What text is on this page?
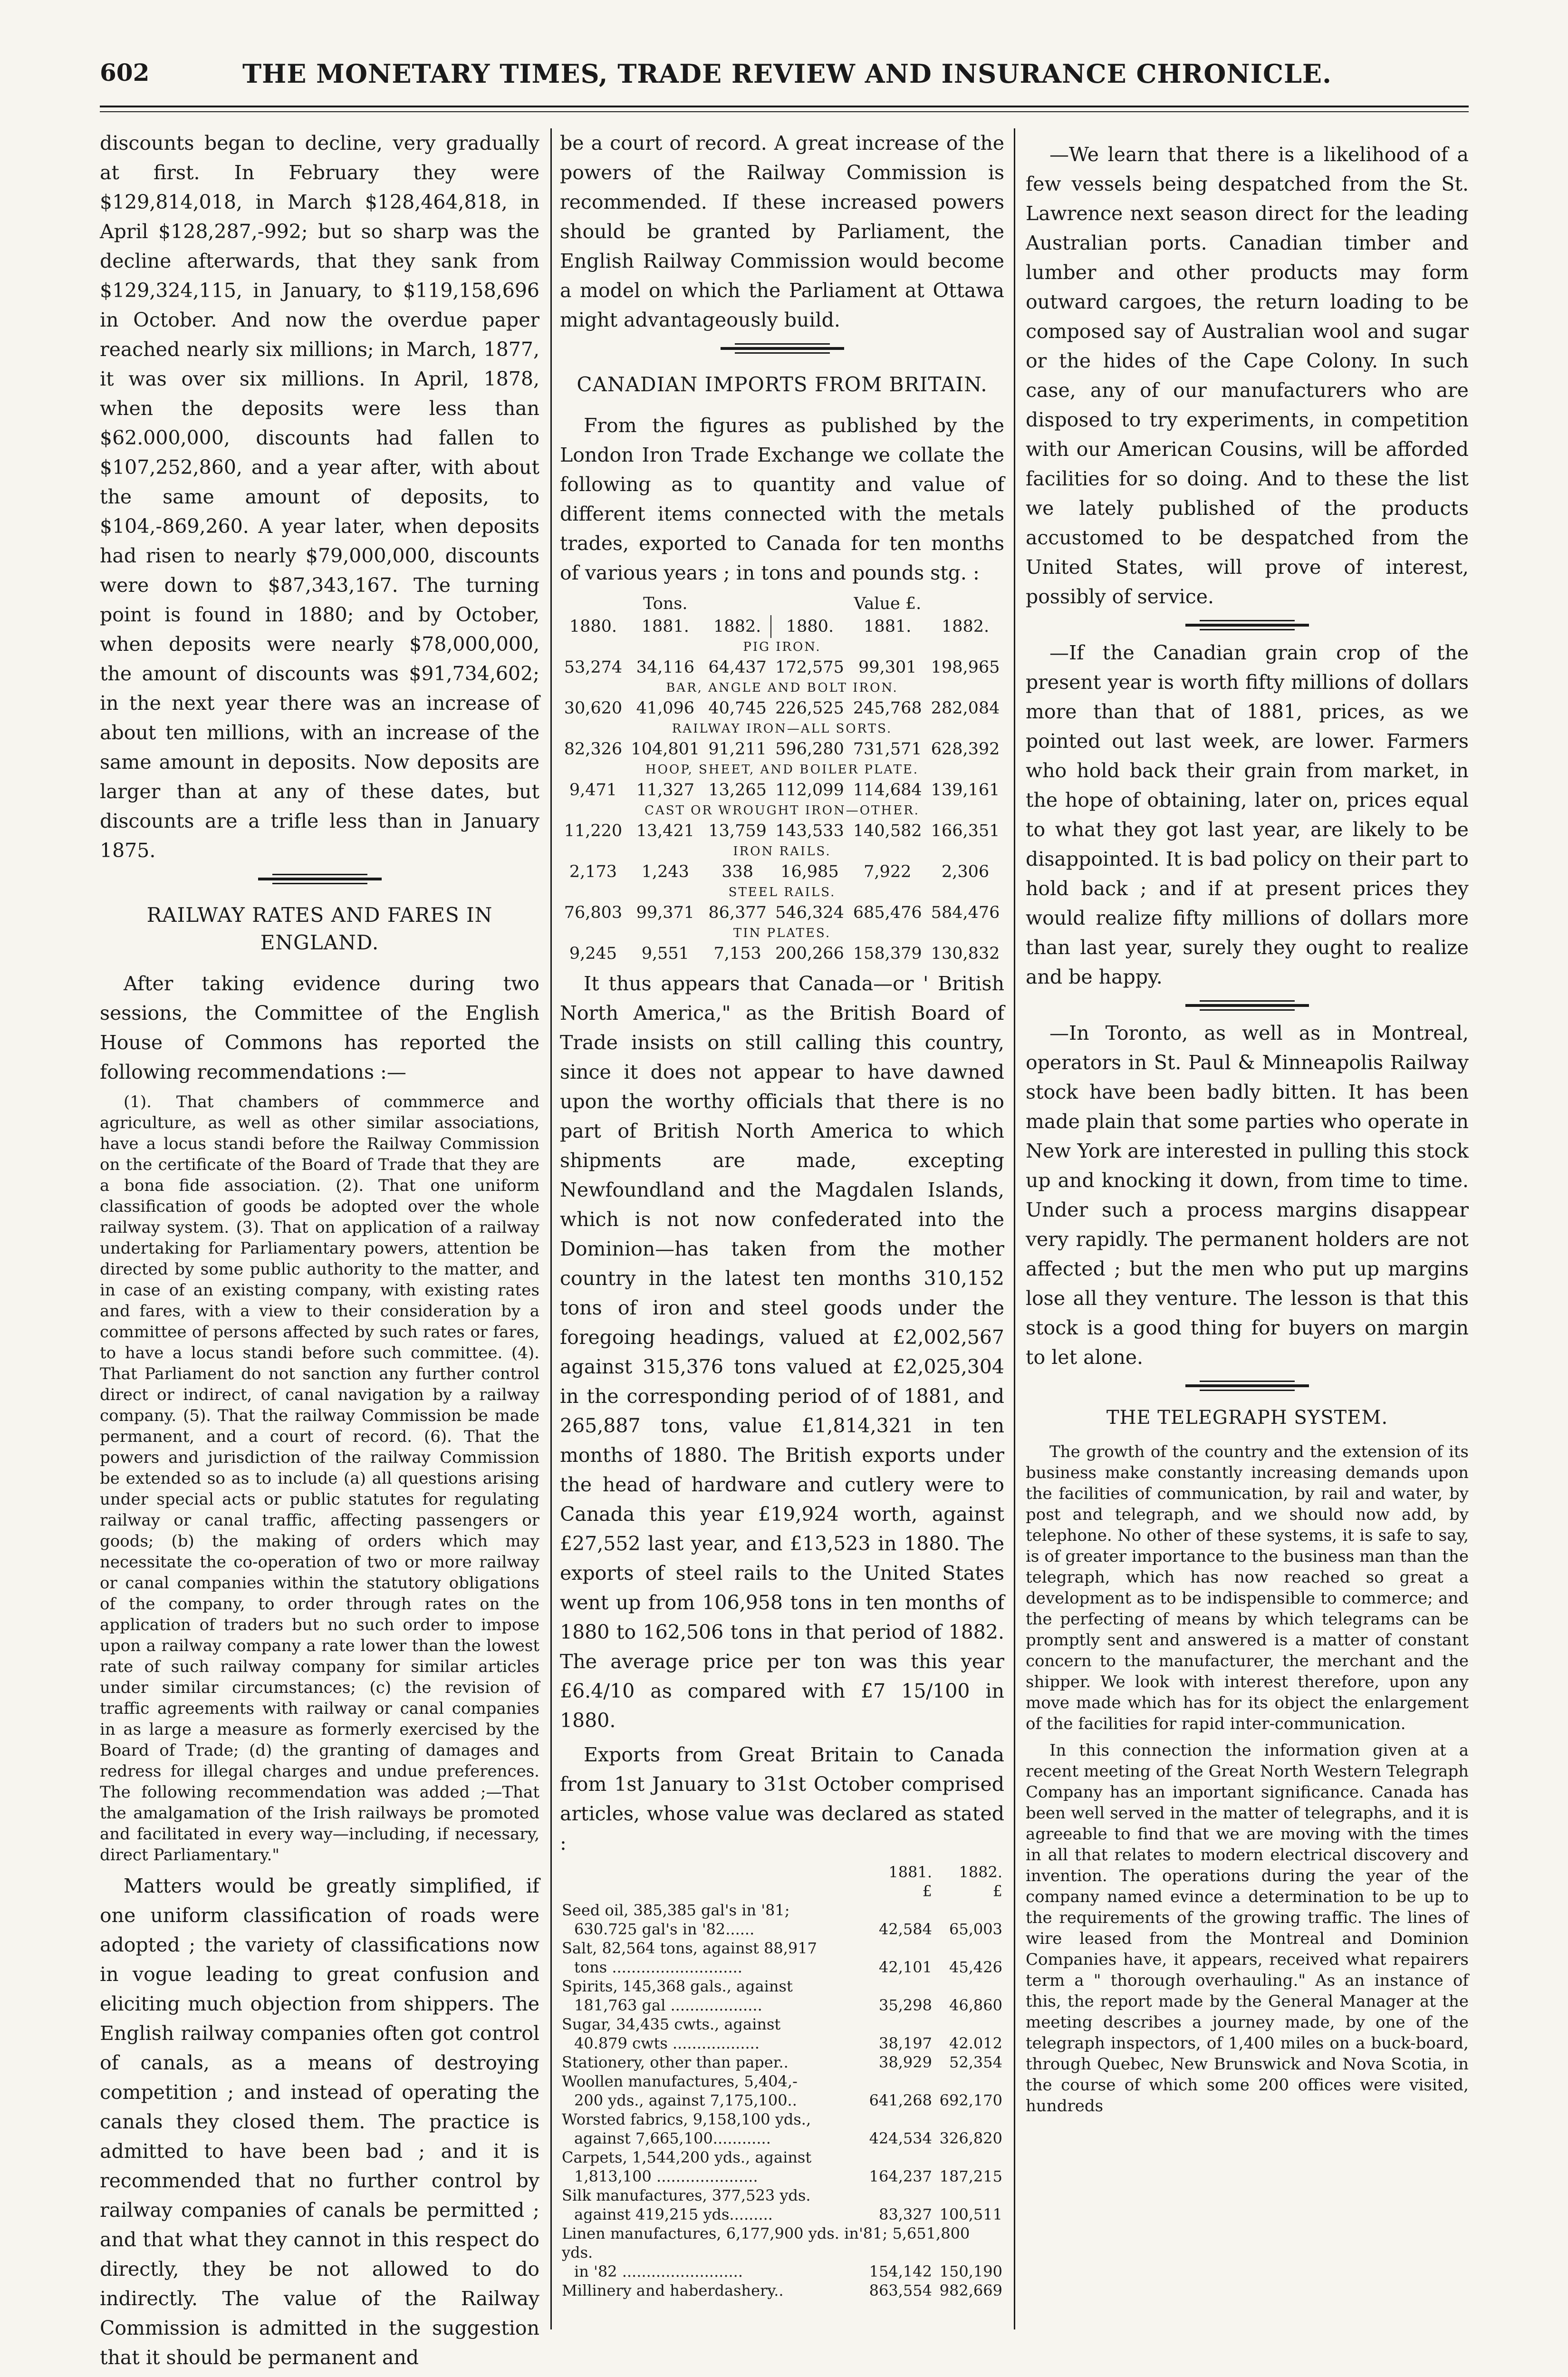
602	THE MONETARY TIMES, TRADE REVIEW AND INSURANCE CHRONICLE.

discounts began to decline, very gradually at first. In February they were $129,814,018, in March $128,464,818, in April $128,287,-992; but so sharp was the decline afterwards, that they sank from $129,324,115, in January, to $119,158,696 in October. And now the overdue paper reached nearly six millions; in March, 1877, it was over six millions. In April, 1878, when the deposits were less than $62.000,000, discounts had fallen to $107,252,860, and a year after, with about the same amount of deposits, to $104,-869,260. A year later, when deposits had risen to nearly $79,000,000, discounts were down to $87,343,167. The turning point is found in 1880; and by October, when deposits were nearly $78,000,000, the amount of discounts was $91,734,602; in the next year there was an increase of about ten millions, with an increase of the same amount in deposits. Now deposits are larger than at any of these dates, but discounts are a trifle less than in January 1875.

RAILWAY RATES AND FARES IN ENGLAND.

After taking evidence during two sessions, the Committee of the English House of Commons has reported the following recommendations :—

(1). That chambers of commmerce and agriculture, as well as other similar associations, have a locus standi before the Railway Commission on the certificate of the Board of Trade that they are a bona fide association. (2). That one uniform classification of goods be adopted over the whole railway system. (3). That on application of a railway undertaking for Parliamentary powers, attention be directed by some public authority to the matter, and in case of an existing company, with existing rates and fares, with a view to their consideration by a committee of persons affected by such rates or fares, to have a locus standi before such committee. (4). That Parliament do not sanction any further control direct or indirect, of canal navigation by a railway company. (5). That the railway Commission be made permanent, and a court of record. (6). That the powers and jurisdiction of the railway Commission be extended so as to include (a) all questions arising under special acts or public statutes for regulating railway or canal traffic, affecting passengers or goods; (b) the making of orders which may necessitate the co-operation of two or more railway or canal companies within the statutory obligations of the company, to order through rates on the application of traders but no such order to impose upon a railway company a rate lower than the lowest rate of such railway company for similar articles under similar circumstances; (c) the revision of traffic agreements with railway or canal companies in as large a measure as formerly exercised by the Board of Trade; (d) the granting of damages and redress for illegal charges and undue preferences. The following recommendation was added ;—That the amalgamation of the Irish railways be promoted and facilitated in every way—including, if necessary, direct Parliamentary."

Matters would be greatly simplified, if one uniform classification of roads were adopted ; the variety of classifications now in vogue leading to great confusion and eliciting much objection from shippers. The English railway companies often got control of canals, as a means of destroying competition ; and instead of operating the canals they closed them. The practice is admitted to have been bad ; and it is recommended that no further control by railway companies of canals be permitted ; and that what they cannot in this respect do directly, they be not allowed to do indirectly. The value of the Railway Commission is admitted in the suggestion that it should be permanent and

be a court of record. A great increase of the powers of the Railway Commission is recommended. If these increased powers should be granted by Parliament, the English Railway Commission would become a model on which the Parliament at Ottawa might advantageously build.

CANADIAN IMPORTS FROM BRITAIN.

From the figures as published by the London Iron Trade Exchange we collate the following as to quantity and value of different items connected with the metals trades, exported to Canada for ten months of various years ; in tons and pounds stg. :

Tons.			Value £.		
1880.	1881.	1882.	1880.	1881.	1882.
PIG IRON.					
53,274	34,116	64,437	172,575	99,301	198,965
BAR, ANGLE AND BOLT IRON.					
30,620	41,096	40,745	226,525	245,768	282,084
RAILWAY IRON—ALL SORTS.					
82,326	104,801	91,211	596,280	731,571	628,392
HOOP, SHEET, AND BOILER PLATE.					
9,471	11,327	13,265	112,099	114,684	139,161
CAST OR WROUGHT IRON—OTHER.					
11,220	13,421	13,759	143,533	140,582	166,351
IRON RAILS.					
2,173	1,243	338	16,985	7,922	2,306
STEEL RAILS.					
76,803	99,371	86,377	546,324	685,476	584,476
TIN PLATES.					
9,245	9,551	7,153	200,266	158,379	130,832

It thus appears that Canada—or ' British North America," as the British Board of Trade insists on still calling this country, since it does not appear to have dawned upon the worthy officials that there is no part of British North America to which shipments are made, excepting Newfoundland and the Magdalen Islands, which is not now confederated into the Dominion—has taken from the mother country in the latest ten months 310,152 tons of iron and steel goods under the foregoing headings, valued at £2,002,567 against 315,376 tons valued at £2,025,304 in the corresponding period of of 1881, and 265,887 tons, value £1,814,321 in ten months of 1880. The British exports under the head of hardware and cutlery were to Canada this year £19,924 worth, against £27,552 last year, and £13,523 in 1880. The exports of steel rails to the United States went up from 106,958 tons in ten months of 1880 to 162,506 tons in that period of 1882. The average price per ton was this year £6.4/10 as compared with £7 15/100 in 1880.

Exports from Great Britain to Canada from 1st January to 31st October comprised articles, whose value was declared as stated :

	1881.	1882.
	£	£
Seed oil, 385,385 gal's in '81;		
630.725 gal's in '82......	42,584	65,003
Salt, 82,564 tons, against 88,917		
tons ...........................	42,101	45,426
Spirits, 145,368 gals., against		
181,763 gal ...................	35,298	46,860
Sugar, 34,435 cwts., against		
40.879 cwts ..................	38,197	42.012
Stationery, other than paper..	38,929	52,354
Woollen manufactures, 5,404,-		
200 yds., against 7,175,100..	641,268	692,170
Worsted fabrics, 9,158,100 yds.,		
against 7,665,100............	424,534	326,820
Carpets, 1,544,200 yds., against		
1,813,100 .....................	164,237	187,215
Silk manufactures, 377,523 yds.		
against 419,215 yds.........	83,327	100,511
Linen manufactures, 6,177,900 yds. in'81; 5,651,800 yds.		
in '82 .........................	154,142	150,190
Millinery and haberdashery..	863,554	982,669

—We learn that there is a likelihood of a few vessels being despatched from the St. Lawrence next season direct for the leading Australian ports. Canadian timber and lumber and other products may form outward cargoes, the return loading to be composed say of Australian wool and sugar or the hides of the Cape Colony. In such case, any of our manufacturers who are disposed to try experiments, in competition with our American Cousins, will be afforded facilities for so doing. And to these the list we lately published of the products accustomed to be despatched from the United States, will prove of interest, possibly of service.

—If the Canadian grain crop of the present year is worth fifty millions of dollars more than that of 1881, prices, as we pointed out last week, are lower. Farmers who hold back their grain from market, in the hope of obtaining, later on, prices equal to what they got last year, are likely to be disappointed. It is bad policy on their part to hold back ; and if at present prices they would realize fifty millions of dollars more than last year, surely they ought to realize and be happy.

—In Toronto, as well as in Montreal, operators in St. Paul & Minneapolis Railway stock have been badly bitten. It has been made plain that some parties who operate in New York are interested in pulling this stock up and knocking it down, from time to time. Under such a process margins disappear very rapidly. The permanent holders are not affected ; but the men who put up margins lose all they venture. The lesson is that this stock is a good thing for buyers on margin to let alone.

THE TELEGRAPH SYSTEM.

The growth of the country and the extension of its business make constantly increasing demands upon the facilities of communication, by rail and water, by post and telegraph, and we should now add, by telephone. No other of these systems, it is safe to say, is of greater importance to the business man than the telegraph, which has now reached so great a development as to be indispensible to commerce; and the perfecting of means by which telegrams can be promptly sent and answered is a matter of constant concern to the manufacturer, the merchant and the shipper. We look with interest therefore, upon any move made which has for its object the enlargement of the facilities for rapid inter-communication.

In this connection the information given at a recent meeting of the Great North Western Telegraph Company has an important significance. Canada has been well served in the matter of telegraphs, and it is agreeable to find that we are moving with the times in all that relates to modern electrical discovery and invention. The operations during the year of the company named evince a determination to be up to the requirements of the growing traffic. The lines of wire leased from the Montreal and Dominion Companies have, it appears, received what repairers term a " thorough overhauling." As an instance of this, the report made by the General Manager at the meeting describes a journey made, by one of the telegraph inspectors, of 1,400 miles on a buck-board, through Quebec, New Brunswick and Nova Scotia, in the course of which some 200 offices were visited, hundreds
